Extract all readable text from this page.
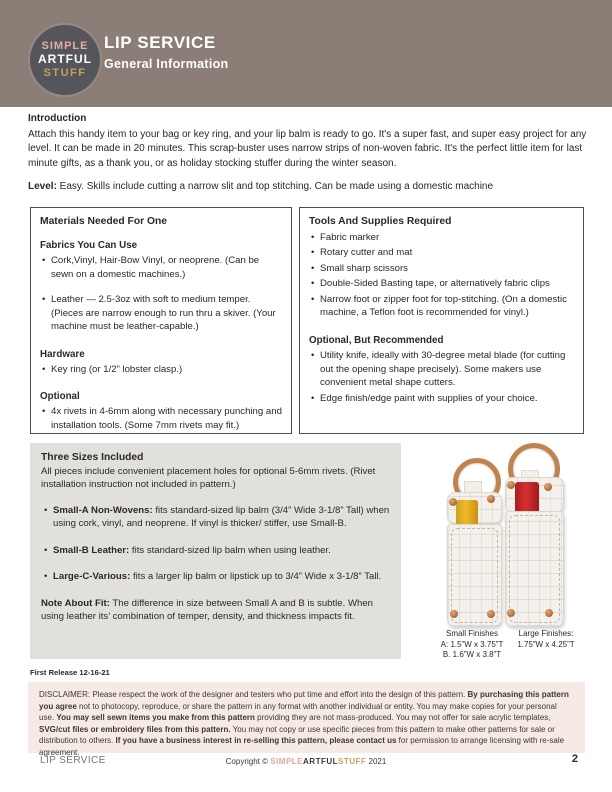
SIMPLE
ARTFUL
STUFF
LIP SERVICE
General Information
Introduction
Attach this handy item to your bag or key ring, and your lip balm is ready to go. It's a super fast, and super easy project for any level. It can be made in 20 minutes. This scrap-buster uses narrow strips of non-woven fabric. It's the perfect little item for last minute gifts, as a thank you, or as holiday stocking stuffer during the winter season.
Level: Easy. Skills include cutting a narrow slit and top stitching. Can be made using a domestic machine
Materials Needed For One
Fabrics You Can Use
• Cork,Vinyl, Hair-Bow Vinyl, or neoprene. (Can be sewn on a domestic machines.)
• Leather — 2.5-3oz with soft to medium temper. (Pieces are narrow enough to run thru a skiver. (Your machine must be leather-capable.)
Hardware
• Key ring (or 1/2” lobster clasp.)
Optional
• 4x rivets in 4-6mm along with necessary punching and installation tools. (Some 7mm rivets may fit.)
Tools And Supplies Required
• Fabric marker
• Rotary cutter and mat
• Small sharp scissors
• Double-Sided Basting tape, or alternatively fabric clips
• Narrow foot or zipper foot for top-stitching. (On a domestic machine, a Teflon foot is recommended for vinyl.)
Optional, But Recommended
• Utility knife, ideally with 30-degree metal blade (for cutting out the opening shape precisely). Some makers use convenient metal shape cutters.
• Edge finish/edge paint with supplies of your choice.
Three Sizes Included
All pieces include convenient placement holes for optional 5-6mm rivets. (Rivet installation instruction not included in pattern.)
• Small-A Non-Wovens: fits standard-sized lip balm (3/4” Wide 3-1/8” Tall) when using cork, vinyl, and neoprene. If vinyl is thicker/ stiffer, use Small-B.
• Small-B Leather: fits standard-sized lip balm when using leather.
• Large-C-Various: fits a larger lip balm or lipstick up to 3/4” Wide x 3-1/8” Tall.
Note About Fit: The difference in size between Small A and B is subtle. When using leather its’ combination of temper, density, and thickness impacts fit.
Small Finishes
A: 1.5”W x 3.75”T
B. 1.6”W x 3.8”T
Large Finishes:
1.75”W x 4.25”T
First Release 12-16-21
DISCLAIMER: Please respect the work of the designer and testers who put time and effort into the design of this pattern. By purchasing this pattern you agree not to photocopy, reproduce, or share the pattern in any format with another individual or entity. You may make copies for your personal use. You may sell sewn items you make from this pattern providing they are not mass-produced. You may not offer for sale acrylic templates, SVG/cut files or embroidery files from this pattern. You may not copy or use specific pieces from this pattern to make other patterns for sale or distribution to others. If you have a business interest in re-selling this pattern, please contact us for permission to arrange licensing with re-sale agreement.
LIP SERVICE	Copyright © SIMPLEARTFULSTUFF 2021	2
